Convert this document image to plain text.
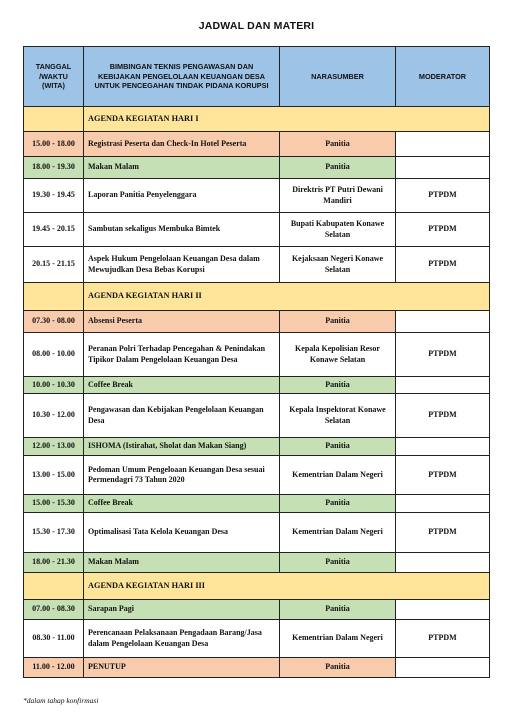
JADWAL DAN MATERI
TANGGAL /WAKTU (WITA)	BIMBINGAN TEKNIS PENGAWASAN DAN KEBIJAKAN PENGELOLAAN KEUANGAN DESA UNTUK PENCEGAHAN TINDAK PIDANA KORUPSI	NARASUMBER	MODERATOR
	AGENDA KEGIATAN HARI I		
15.00 - 18.00	Registrasi Peserta dan Check-In Hotel Peserta	Panitia	
18.00 - 19.30	Makan Malam	Panitia	
19.30 - 19.45	Laporan Panitia Penyelenggara	Direktris PT Putri Dewani Mandiri	PTPDM
19.45 - 20.15	Sambutan sekaligus Membuka Bimtek	Bupati Kabupaten Konawe Selatan	PTPDM
20.15 - 21.15	Aspek Hukum Pengelolaan Keuangan Desa dalam Mewujudkan Desa Bebas Korupsi	Kejaksaan Negeri Konawe Selatan	PTPDM
	AGENDA KEGIATAN HARI II		
07.30 - 08.00	Absensi Peserta	Panitia	
08.00 - 10.00	Peranan Polri Terhadap Pencegahan & Penindakan Tipikor Dalam Pengelolaan Keuangan Desa	Kepala Kepolisian Resor Konawe Selatan	PTPDM
10.00 - 10.30	Coffee Break	Panitia	
10.30 - 12.00	Pengawasan dan Kebijakan Pengelolaan Keuangan Desa	Kepala Inspektorat Konawe Selatan	PTPDM
12.00 - 13.00	ISHOMA (Istirahat, Sholat dan Makan Siang)	Panitia	
13.00 - 15.00	Pedoman Umum Pengeloaan Keuangan Desa sesuai Permendagri 73 Tahun 2020	Kementrian Dalam Negeri	PTPDM
15.00 - 15.30	Coffee Break	Panitia	
15.30 - 17.30	Optimalisasi Tata Kelola Keuangan Desa	Kementrian Dalam Negeri	PTPDM
18.00 - 21.30	Makan Malam	Panitia	
	AGENDA KEGIATAN HARI III		
07.00 - 08.30	Sarapan Pagi	Panitia	
08.30 - 11.00	Perencanaan Pelaksanaan Pengadaan Barang/Jasa dalam Pengelolaan Keuangan Desa	Kementrian Dalam Negeri	PTPDM
11.00 - 12.00	PENUTUP	Panitia	
*dalam tahap konfirmasi
